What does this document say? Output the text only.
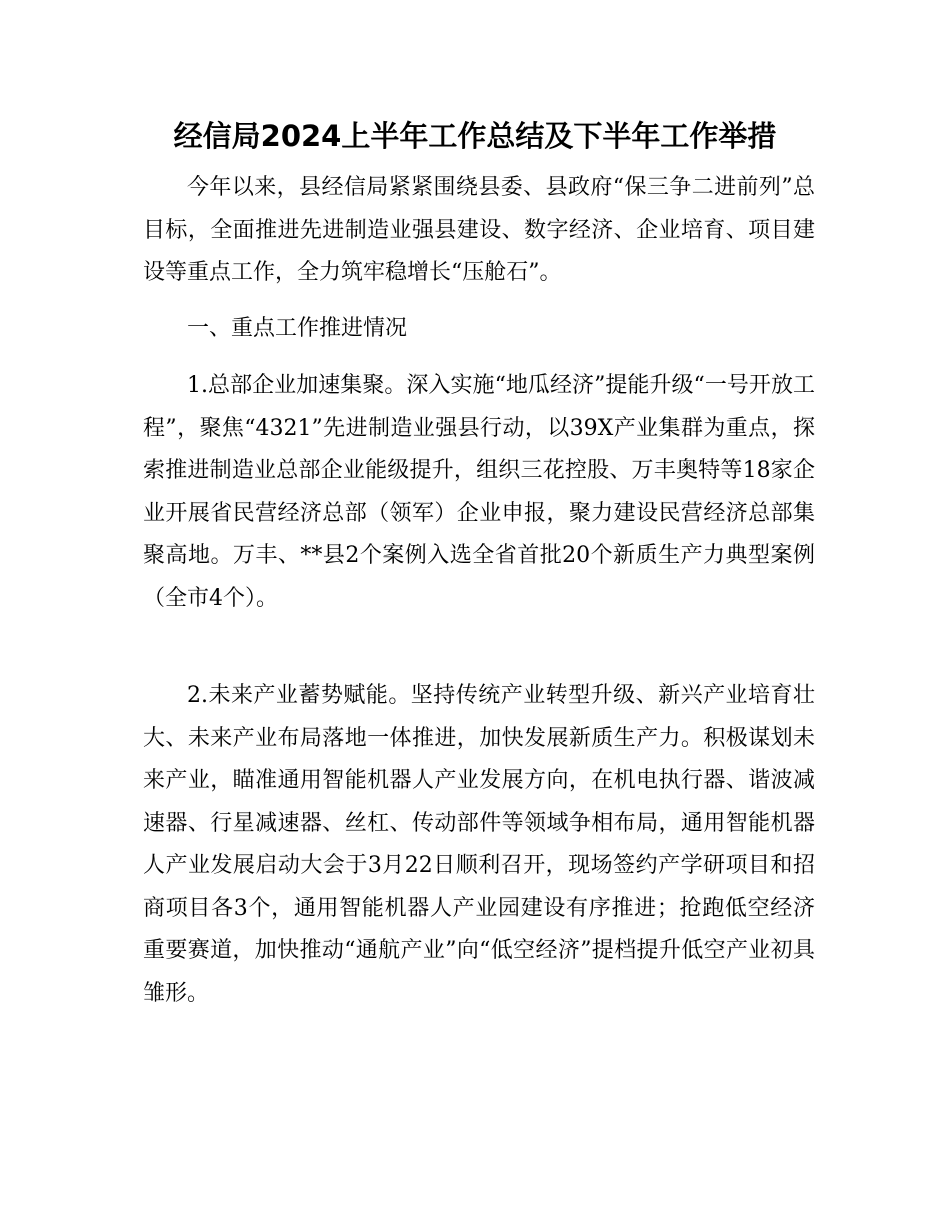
经信局2024上半年工作总结及下半年工作举措

今年以来，县经信局紧紧围绕县委、县政府“保三争二进前列”总目标，全面推进先进制造业强县建设、数字经济、企业培育、项目建设等重点工作，全力筑牢稳增长“压舱石”。

一、重点工作推进情况

1.总部企业加速集聚。深入实施“地瓜经济”提能升级“一号开放工程”，聚焦“4321”先进制造业强县行动，以39X产业集群为重点，探索推进制造业总部企业能级提升，组织三花控股、万丰奥特等18家企业开展省民营经济总部（领军）企业申报，聚力建设民营经济总部集聚高地。万丰、**县2个案例入选全省首批20个新质生产力典型案例（全市4个）。

2.未来产业蓄势赋能。坚持传统产业转型升级、新兴产业培育壮大、未来产业布局落地一体推进，加快发展新质生产力。积极谋划未来产业，瞄准通用智能机器人产业发展方向，在机电执行器、谐波减速器、行星减速器、丝杠、传动部件等领域争相布局，通用智能机器人产业发展启动大会于3月22日顺利召开，现场签约产学研项目和招商项目各3个，通用智能机器人产业园建设有序推进；抢跑低空经济重要赛道，加快推动“通航产业”向“低空经济”提档提升低空产业初具雏形。
